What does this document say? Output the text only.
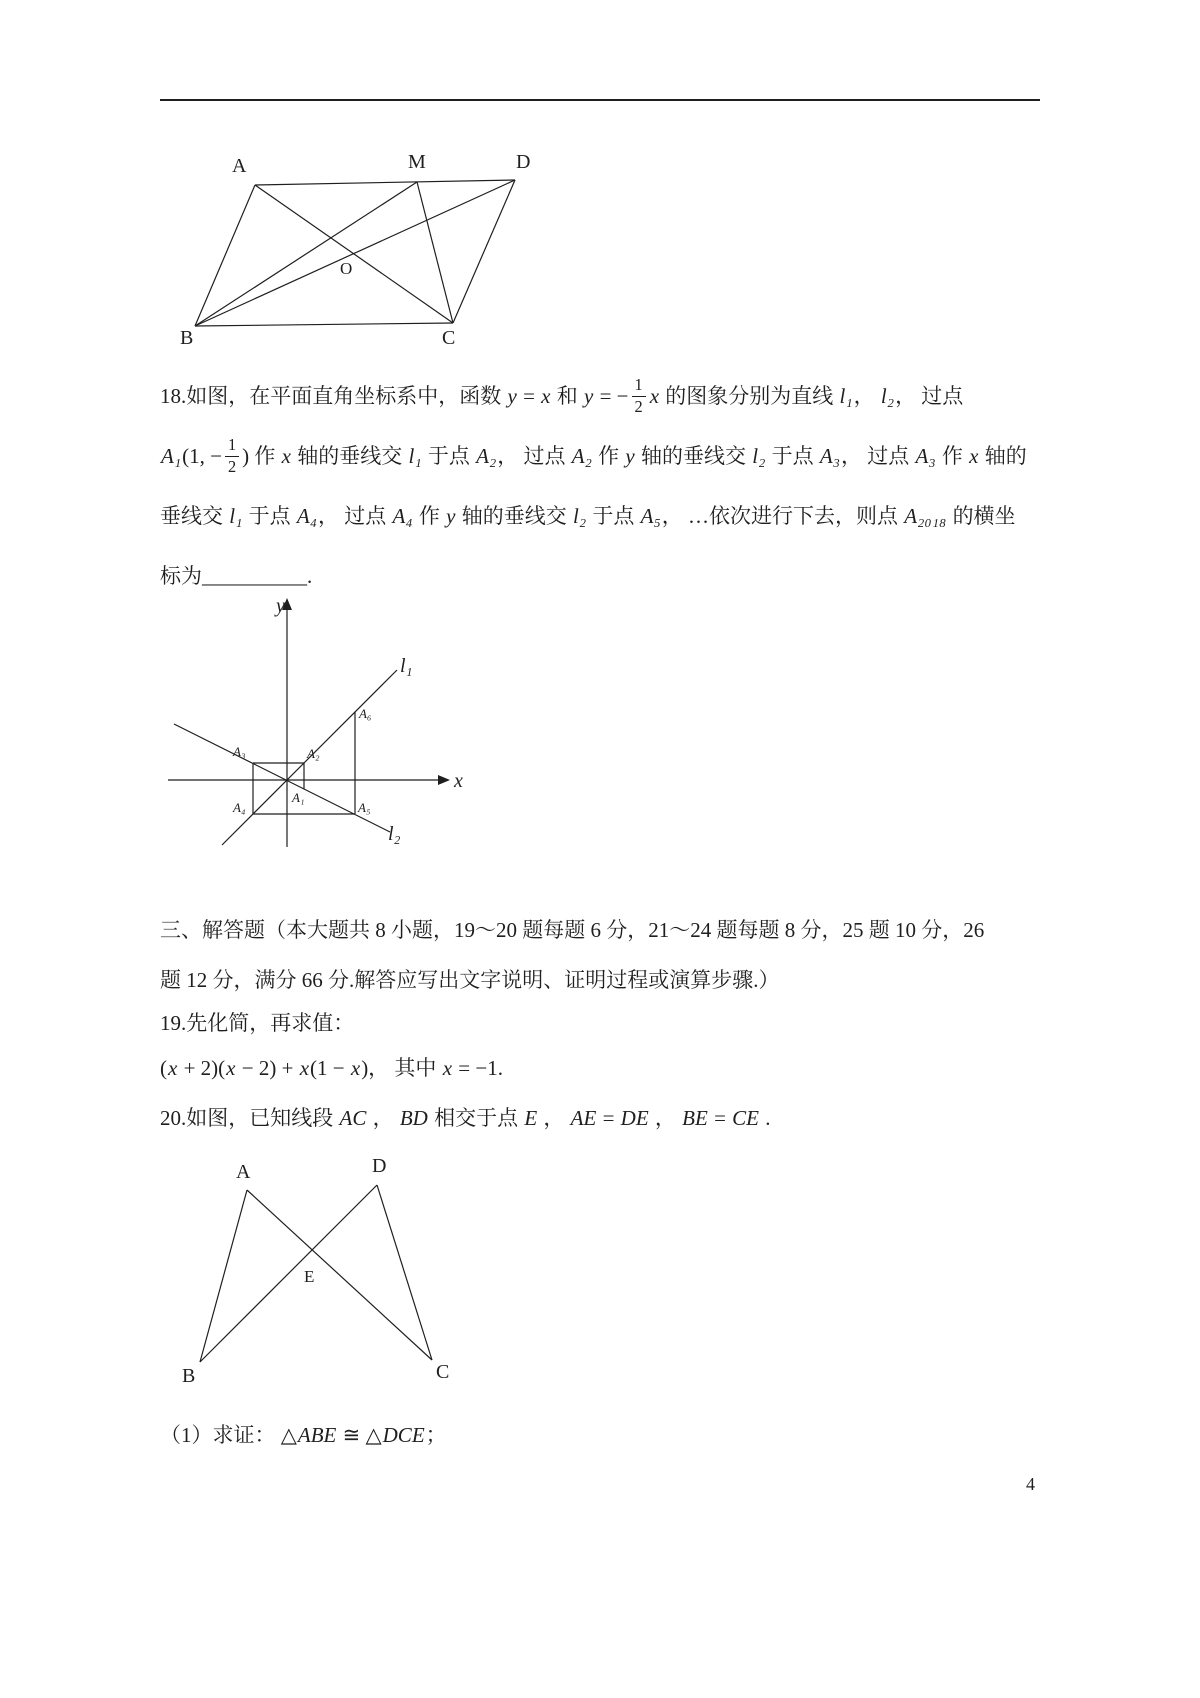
A	M	D
B	C
O
18.如图，在平面直角坐标系中，函数 y = x 和 y = − $\frac{1}{2}$ x 的图象分别为直线 l₁， l₂， 过点
A₁(1, − $\frac{1}{2}$ ) 作 x 轴的垂线交 l₁ 于点 A₂， 过点 A₂ 作 y 轴的垂线交 l₂ 于点 A₃， 过点 A₃ 作 x 轴的
垂线交 l₁ 于点 A₄， 过点 A₄ 作 y 轴的垂线交 l₂ 于点 A₅， …依次进行下去，则点 A₂₀₁₈ 的横坐
标为__________.
y
x
l₁
l₂
A₁
A₂
A₃
A₄	A₅
A₆
三、解答题（本大题共 8 小题，19～20 题每题 6 分，21～24 题每题 8 分，25 题 10 分，26
题 12 分，满分 66 分.解答应写出文字说明、证明过程或演算步骤.）
19.先化简，再求值：
(x + 2)(x − 2) + x(1 − x)， 其中 x = −1.
20.如图，已知线段 AC ， BD 相交于点 E ， AE = DE ， BE = CE .
A	D
B	C
E
（1）求证： △ABE ≅ △DCE；
4
